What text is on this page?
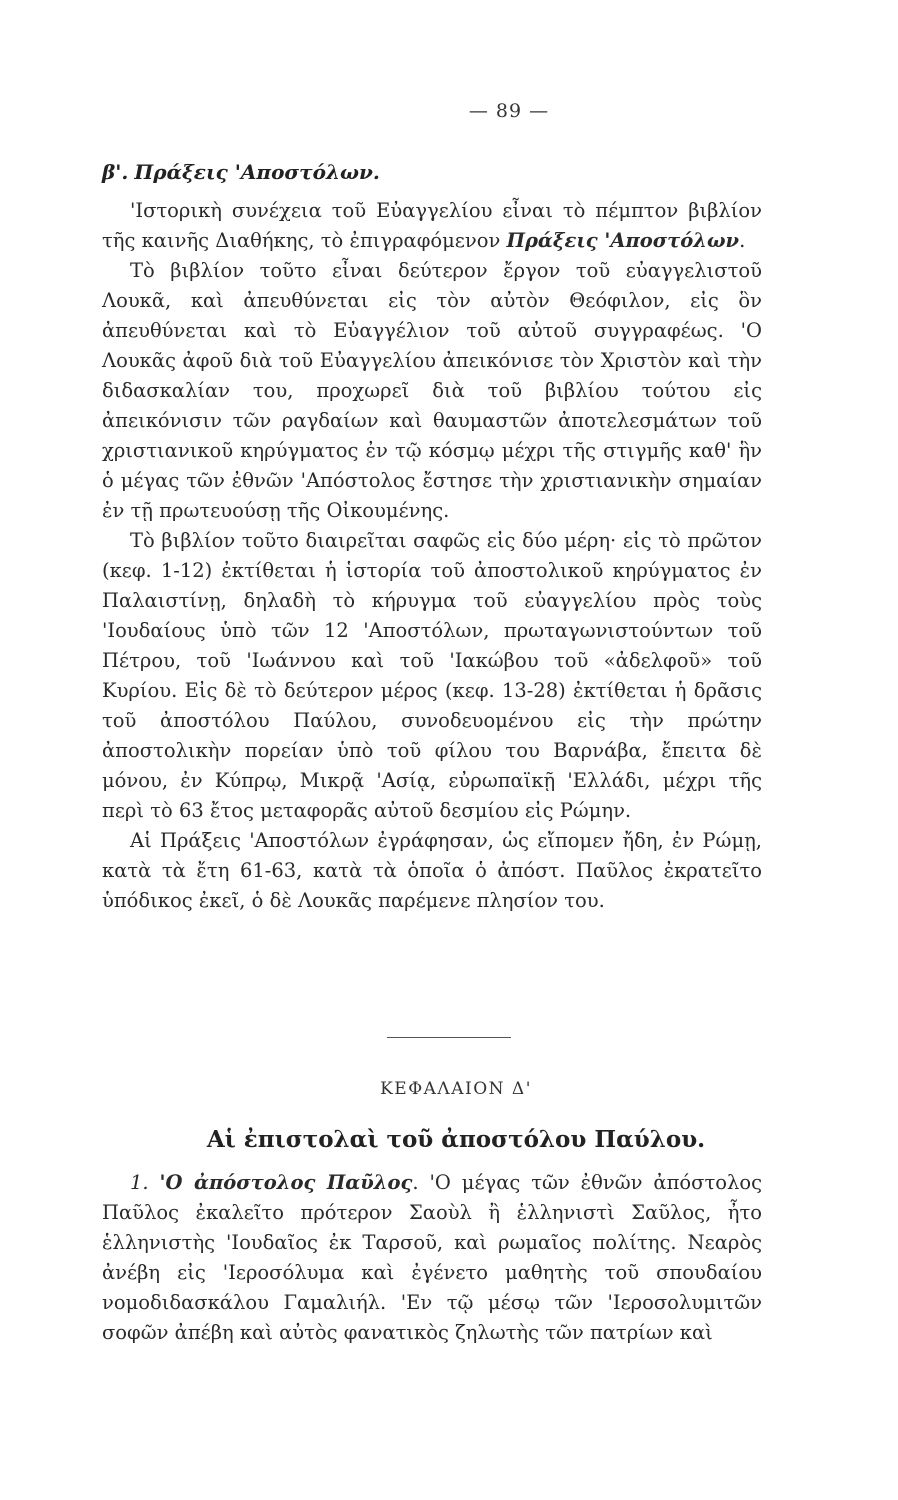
— 89 —
β'. Πράξεις 'Αποστόλων.

'Ιστορικὴ συνέχεια τοῦ Εὐαγγελίου εἶναι τὸ πέμπτον βιβλίον τῆς καινῆς Διαθήκης, τὸ ἐπιγραφόμενον Πράξεις 'Αποστόλων.

Τὸ βιβλίον τοῦτο εἶναι δεύτερον ἔργον τοῦ εὐαγγελιστοῦ Λουκᾶ, καὶ ἀπευθύνεται εἰς τὸν αὐτὸν Θεόφιλον, εἰς ὃν ἀπευθύνεται καὶ τὸ Εὐαγγέλιον τοῦ αὐτοῦ συγγραφέως. 'Ο Λουκᾶς ἀφοῦ διὰ τοῦ Εὐαγγελίου ἀπεικόνισε τὸν Χριστὸν καὶ τὴν διδασκαλίαν του, προχωρεῖ διὰ τοῦ βιβλίου τούτου εἰς ἀπεικόνισιν τῶν ραγδαίων καὶ θαυμαστῶν ἀποτελεσμάτων τοῦ χριστιανικοῦ κηρύγματος ἐν τῷ κόσμῳ μέχρι τῆς στιγμῆς καθ' ἣν ὁ μέγας τῶν ἐθνῶν 'Απόστολος ἔστησε τὴν χριστιανικὴν σημαίαν ἐν τῇ πρωτευούσῃ τῆς Οἰκουμένης.

Τὸ βιβλίον τοῦτο διαιρεῖται σαφῶς εἰς δύο μέρη· εἰς τὸ πρῶτον (κεφ. 1-12) ἐκτίθεται ἡ ἱστορία τοῦ ἀποστολικοῦ κηρύγματος ἐν Παλαιστίνῃ, δηλαδὴ τὸ κήρυγμα τοῦ εὐαγγελίου πρὸς τοὺς 'Ιουδαίους ὑπὸ τῶν 12 'Αποστόλων, πρωταγωνιστούντων τοῦ Πέτρου, τοῦ 'Ιωάννου καὶ τοῦ 'Ιακώβου τοῦ «ἀδελφοῦ» τοῦ Κυρίου. Εἰς δὲ τὸ δεύτερον μέρος (κεφ. 13-28) ἐκτίθεται ἡ δρᾶσις τοῦ ἀποστόλου Παύλου, συνοδευομένου εἰς τὴν πρώτην ἀποστολικὴν πορείαν ὑπὸ τοῦ φίλου του Βαρνάβα, ἔπειτα δὲ μόνου, ἐν Κύπρῳ, Μικρᾷ 'Ασίᾳ, εὐρωπαϊκῇ 'Ελλάδι, μέχρι τῆς περὶ τὸ 63 ἔτος μεταφορᾶς αὐτοῦ δεσμίου εἰς Ρώμην.

Αἱ Πράξεις 'Αποστόλων ἐγράφησαν, ὡς εἴπομεν ἤδη, ἐν Ρώμῃ, κατὰ τὰ ἔτη 61-63, κατὰ τὰ ὁποῖα ὁ ἀπόστ. Παῦλος ἐκρατεῖτο ὑπόδικος ἐκεῖ, ὁ δὲ Λουκᾶς παρέμενε πλησίον του.

ΚΕΦΑΛΑΙΟΝ Δ'
Αἱ ἐπιστολαὶ τοῦ ἀποστόλου Παύλου.

1. 'Ο ἀπόστολος Παῦλος. 'Ο μέγας τῶν ἐθνῶν ἀπόστολος Παῦλος ἐκαλεῖτο πρότερον Σαοὺλ ἢ ἑλληνιστὶ Σαῦλος, ἦτο ἑλληνιστὴς 'Ιουδαῖος ἐκ Ταρσοῦ, καὶ ρωμαῖος πολίτης. Νεαρὸς ἀνέβη εἰς 'Ιεροσόλυμα καὶ ἐγένετο μαθητὴς τοῦ σπουδαίου νομοδιδασκάλου Γαμαλιήλ. 'Εν τῷ μέσῳ τῶν 'Ιεροσολυμιτῶν σοφῶν ἀπέβη καὶ αὐτὸς φανατικὸς ζηλωτὴς τῶν πατρίων καὶ
